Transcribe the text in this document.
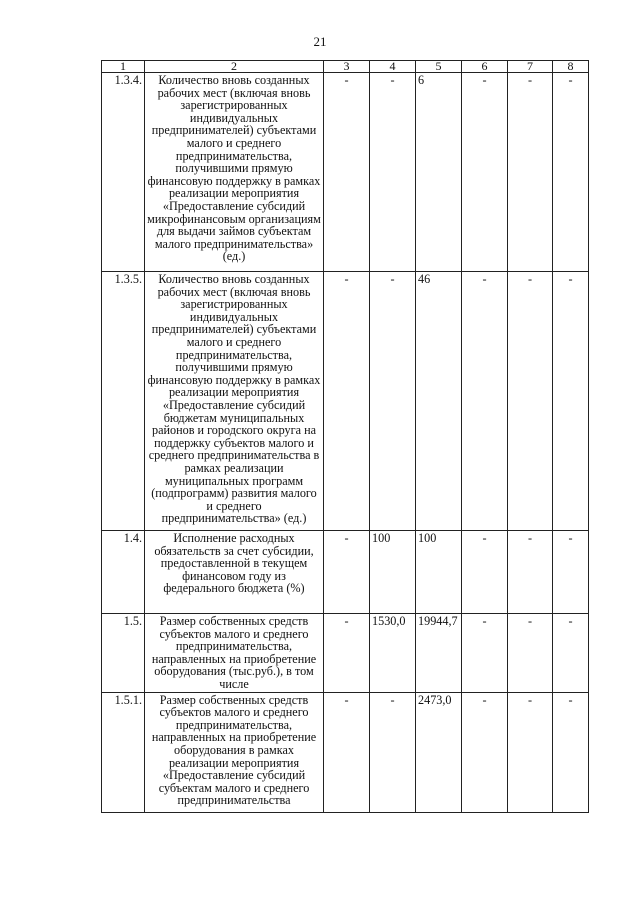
21
1	2	3	4	5	6	7	8
1.3.4.	Количество вновь созданных рабочих мест (включая вновь зарегистрированных индивидуальных предпринимателей) субъектами малого и среднего предпринимательства, получившими прямую финансовую поддержку в рамках реализации мероприятия «Предоставление субсидий микрофинансовым организациям для выдачи займов субъектам малого предпринимательства» (ед.)	-	-	6	-	-	-
1.3.5.	Количество вновь созданных рабочих мест (включая вновь зарегистрированных индивидуальных предпринимателей) субъектами малого и среднего предпринимательства, получившими прямую финансовую поддержку в рамках реализации мероприятия «Предоставление субсидий бюджетам муниципальных районов и городского округа на поддержку субъектов малого и среднего предпринимательства в рамках реализации муниципальных программ (подпрограмм) развития малого и среднего предпринимательства» (ед.)	-	-	46	-	-	-
1.4.	Исполнение расходных обязательств за счет субсидии, предоставленной в текущем финансовом году из федерального бюджета (%)	-	100	100	-	-	-
1.5.	Размер собственных средств субъектов малого и среднего предпринимательства, направленных на приобретение оборудования (тыс.руб.), в том числе	-	1530,0	19944,7	-	-	-
1.5.1.	Размер собственных средств субъектов малого и среднего предпринимательства, направленных на приобретение оборудования в рамках реализации мероприятия «Предоставление субсидий субъектам малого и среднего предпринимательства	-	-	2473,0	-	-	-
